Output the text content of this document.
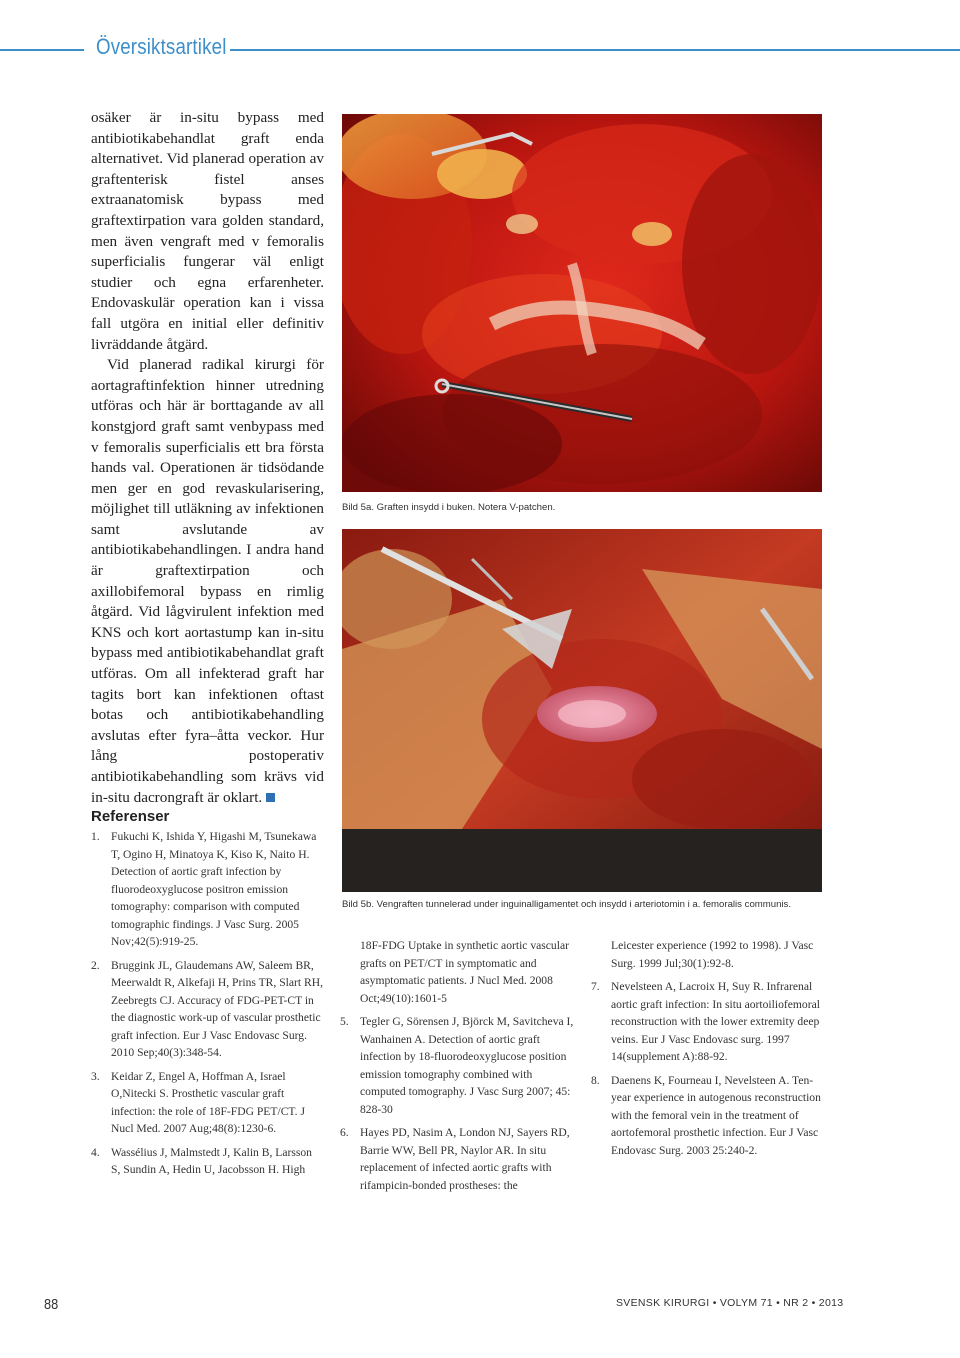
Översiktsartikel

osäker är in-situ bypass med antibiotikabehandlat graft enda alternativet. Vid planerad operation av graftenterisk fistel anses extraanatomisk bypass med graftextirpation vara golden standard, men även vengraft med v femoralis superficialis fungerar väl enligt studier och egna erfarenheter. Endovaskulär operation kan i vissa fall utgöra en initial eller definitiv livräddande åtgärd.

Vid planerad radikal kirurgi för aortagraftinfektion hinner utredning utföras och här är borttagande av all konstgjord graft samt venbypass med v femoralis superficialis ett bra första hands val. Operationen är tidsödande men ger en god revaskularisering, möjlighet till utläkning av infektionen samt avslutande av antibiotikabehandlingen. I andra hand är graftextirpation och axillobifemoral bypass en rimlig åtgärd. Vid lågvirulent infektion med KNS och kort aortastump kan in-situ bypass med antibiotikabehandlat graft utföras. Om all infekterad graft har tagits bort kan infektionen oftast botas och antibiotikabehandling avslutas efter fyra–åtta veckor. Hur lång postoperativ antibiotikabehandling som krävs vid in-situ dacrongraft är oklart.

Bild 5a. Graften insydd i buken. Notera V-patchen.
Bild 5b. Vengraften tunnelerad under inguinalligamentet och insydd i arteriotomin i a. femoralis communis.
Referenser
1. Fukuchi K, Ishida Y, Higashi M, Tsunekawa T, Ogino H, Minatoya K, Kiso K, Naito H. Detection of aortic graft infection by fluorodeoxyglucose positron emission tomography: comparison with computed tomographic findings. J Vasc Surg. 2005 Nov;42(5):919-25.
2. Bruggink JL, Glaudemans AW, Saleem BR, Meerwaldt R, Alkefaji H, Prins TR, Slart RH, Zeebregts CJ. Accuracy of FDG-PET-CT in the diagnostic work-up of vascular prosthetic graft infection. Eur J Vasc Endovasc Surg. 2010 Sep;40(3):348-54.
3. Keidar Z, Engel A, Hoffman A, Israel O,Nitecki S. Prosthetic vascular graft infection: the role of 18F-FDG PET/CT. J Nucl Med. 2007 Aug;48(8):1230-6.
4. Wassélius J, Malmstedt J, Kalin B, Larsson S, Sundin A, Hedin U, Jacobsson H. High
18F-FDG Uptake in synthetic aortic vascular grafts on PET/CT in symptomatic and asymptomatic patients. J Nucl Med. 2008 Oct;49(10):1601-5
5. Tegler G, Sörensen J, Björck M, Savitcheva I, Wanhainen A. Detection of aortic graft infection by 18-fluorodeoxyglucose position emission tomography combined with computed tomography. J Vasc Surg 2007; 45: 828-30
6. Hayes PD, Nasim A, London NJ, Sayers RD, Barrie WW, Bell PR, Naylor AR. In situ replacement of infected aortic grafts with rifampicin-bonded prostheses: the
Leicester experience (1992 to 1998). J Vasc Surg. 1999 Jul;30(1):92-8.
7. Nevelsteen A, Lacroix H, Suy R. Infrarenal aortic graft infection: In situ aortoiliofemoral reconstruction with the lower extremity deep veins. Eur J Vasc Endovasc surg. 1997 14(supplement A):88-92.
8. Daenens K, Fourneau I, Nevelsteen A. Ten-year experience in autogenous reconstruction with the femoral vein in the treatment of aortofemoral prosthetic infection. Eur J Vasc Endovasc Surg. 2003 25:240-2.
88	SVENSK KIRURGI • VOLYM 71 • NR 2 • 2013
